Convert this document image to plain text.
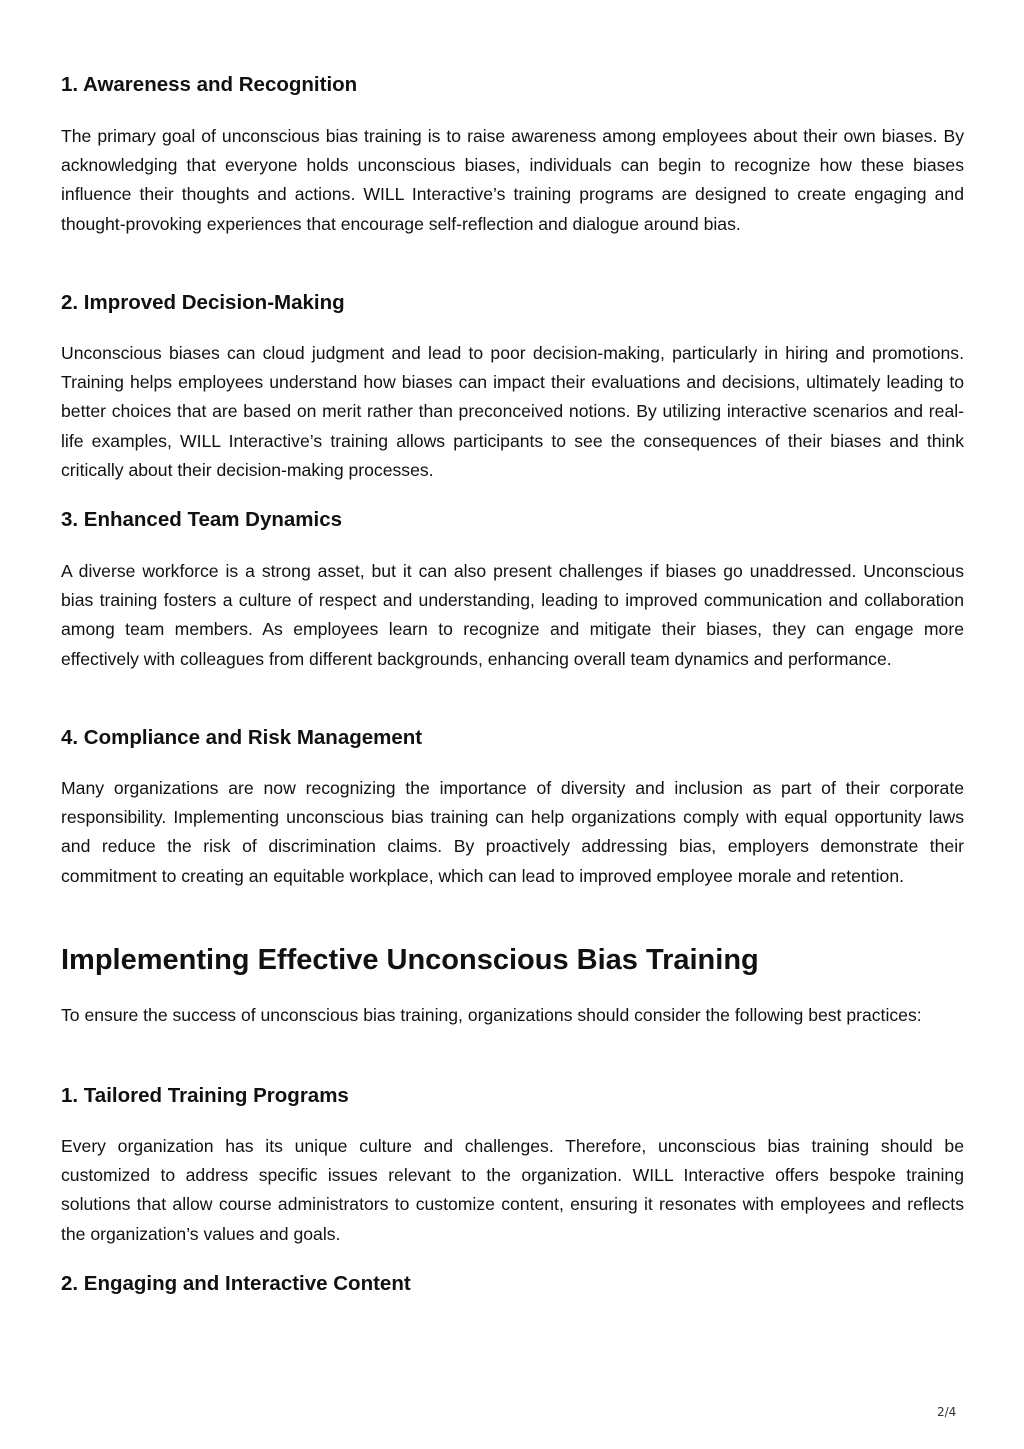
1. Awareness and Recognition

The primary goal of unconscious bias training is to raise awareness among employees about their own biases. By acknowledging that everyone holds unconscious biases, individuals can begin to recognize how these biases influence their thoughts and actions. WILL Interactive’s training programs are designed to create engaging and thought-provoking experiences that encourage self-reflection and dialogue around bias.

2. Improved Decision-Making

Unconscious biases can cloud judgment and lead to poor decision-making, particularly in hiring and promotions. Training helps employees understand how biases can impact their evaluations and decisions, ultimately leading to better choices that are based on merit rather than preconceived notions. By utilizing interactive scenarios and real-life examples, WILL Interactive’s training allows participants to see the consequences of their biases and think critically about their decision-making processes.

3. Enhanced Team Dynamics

A diverse workforce is a strong asset, but it can also present challenges if biases go unaddressed. Unconscious bias training fosters a culture of respect and understanding, leading to improved communication and collaboration among team members. As employees learn to recognize and mitigate their biases, they can engage more effectively with colleagues from different backgrounds, enhancing overall team dynamics and performance.

4. Compliance and Risk Management

Many organizations are now recognizing the importance of diversity and inclusion as part of their corporate responsibility. Implementing unconscious bias training can help organizations comply with equal opportunity laws and reduce the risk of discrimination claims. By proactively addressing bias, employers demonstrate their commitment to creating an equitable workplace, which can lead to improved employee morale and retention.

Implementing Effective Unconscious Bias Training

To ensure the success of unconscious bias training, organizations should consider the following best practices:

1. Tailored Training Programs

Every organization has its unique culture and challenges. Therefore, unconscious bias training should be customized to address specific issues relevant to the organization. WILL Interactive offers bespoke training solutions that allow course administrators to customize content, ensuring it resonates with employees and reflects the organization’s values and goals.

2. Engaging and Interactive Content
2/4
